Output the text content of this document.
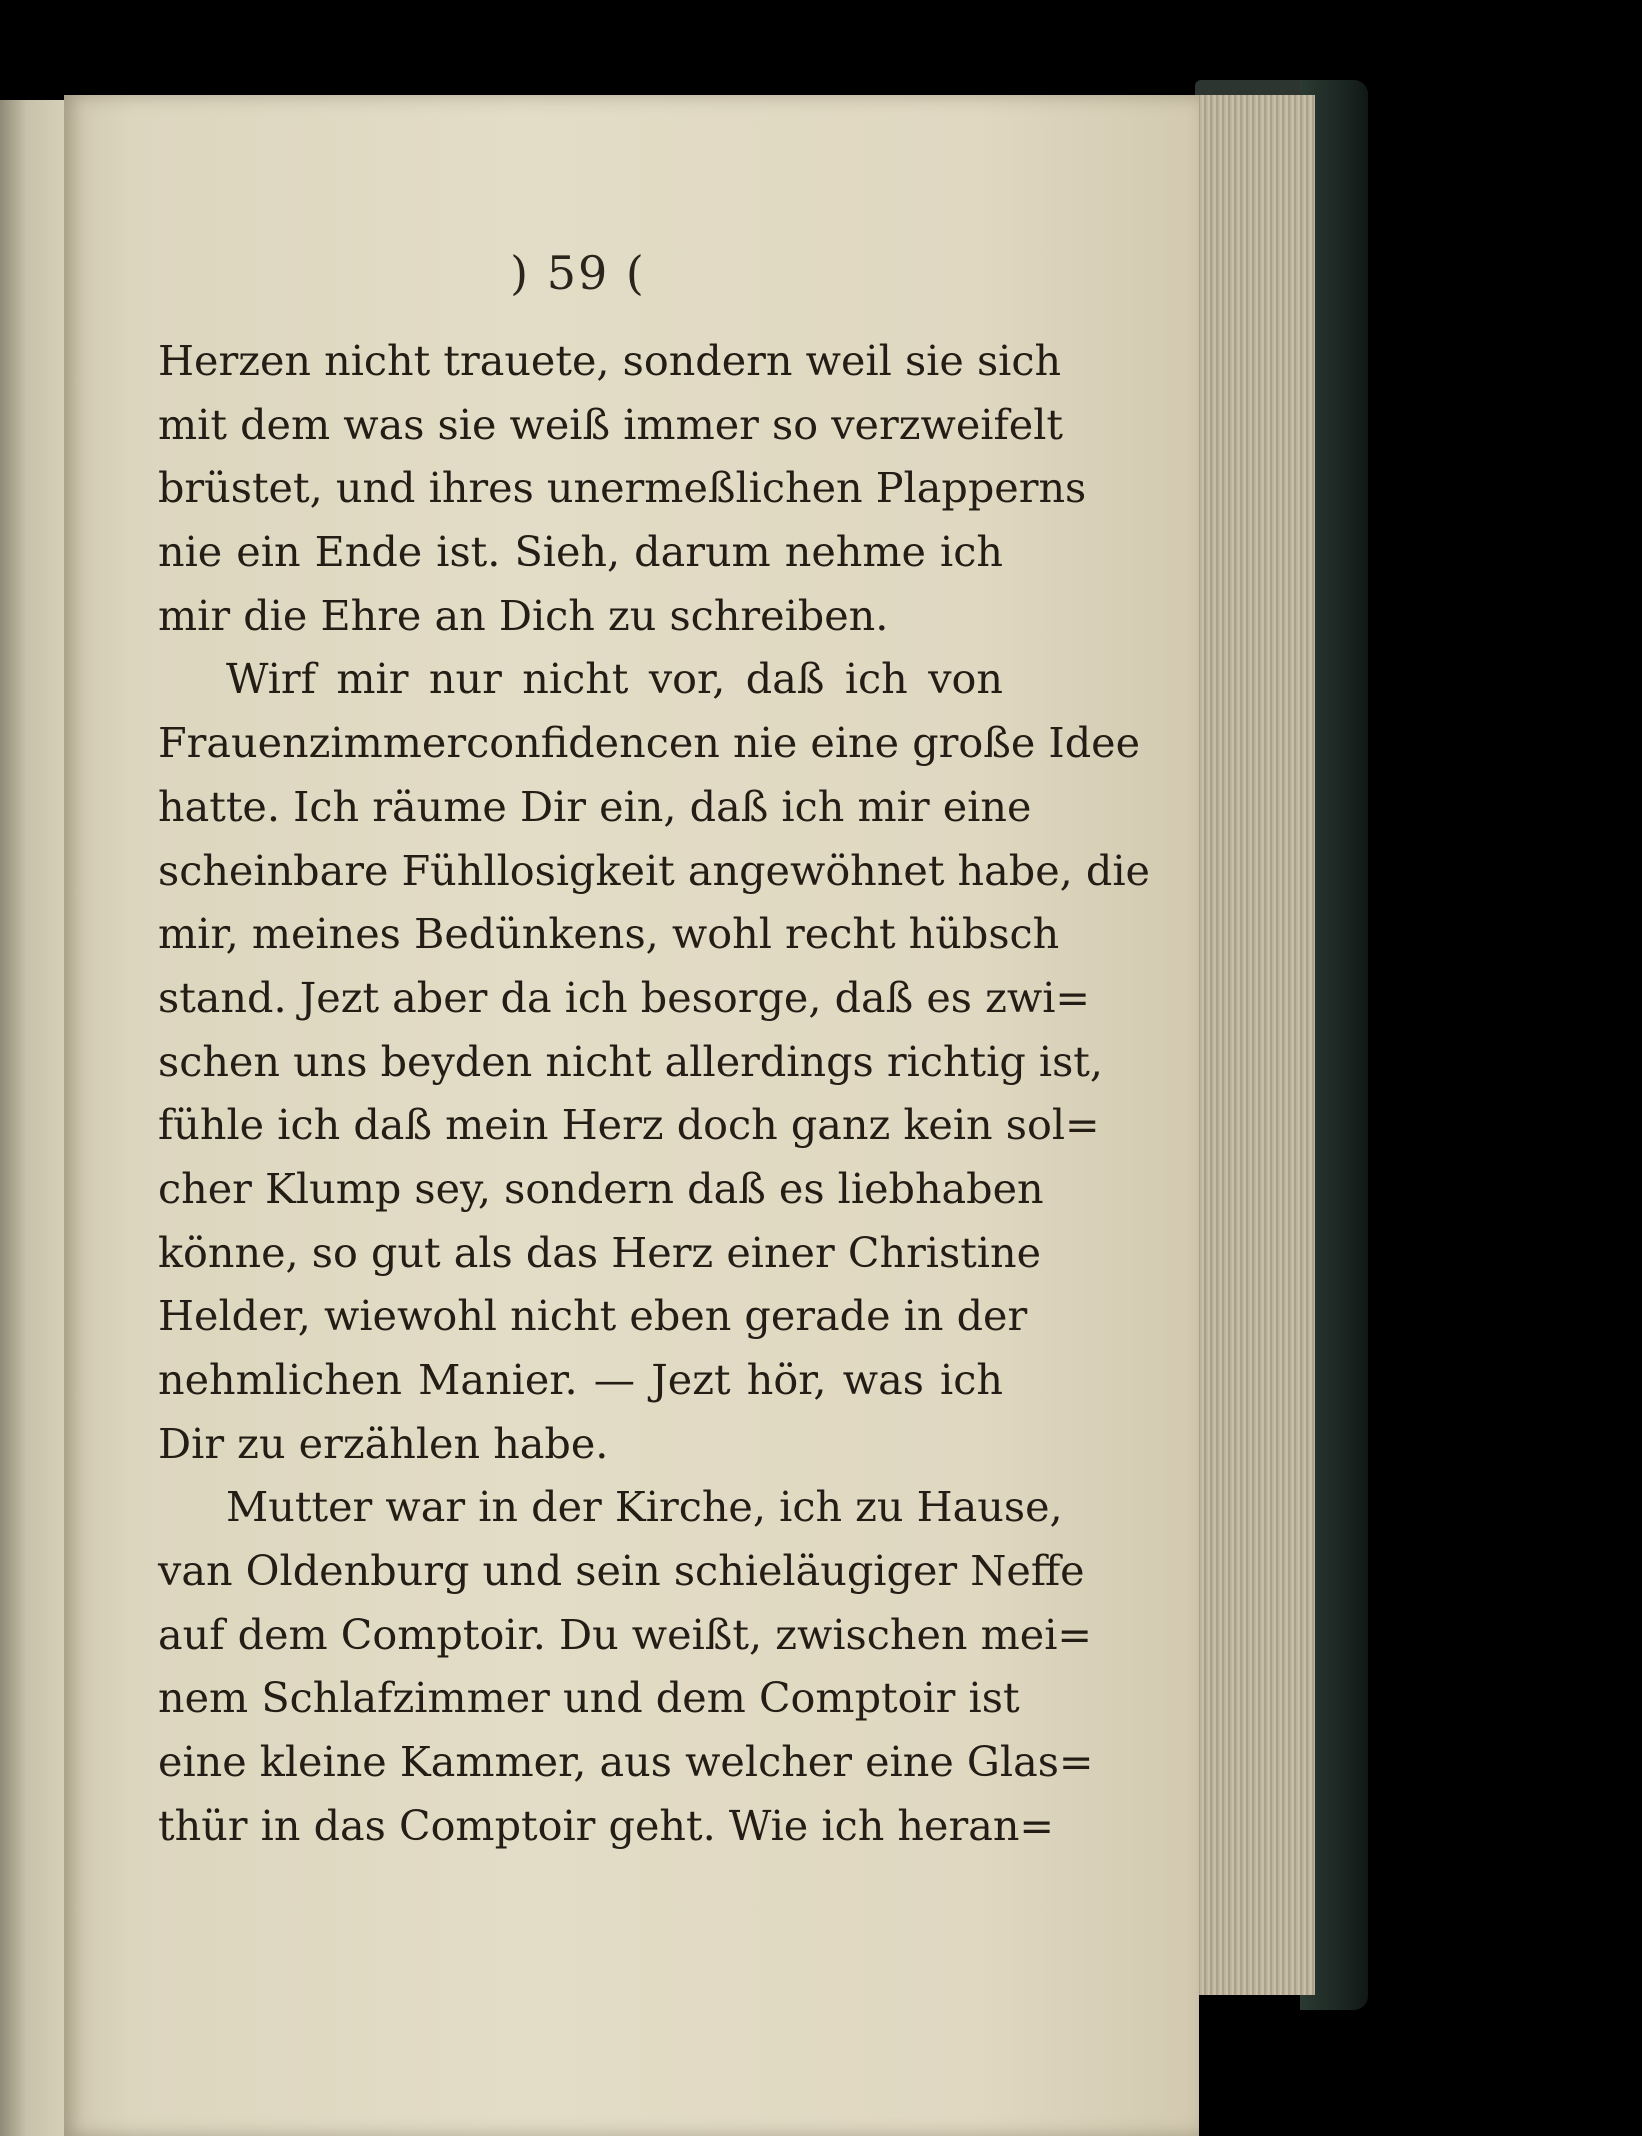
) 59 (

Herzen nicht trauete, sondern weil sie sich
mit dem was sie weiß immer so verzweifelt
brüstet, und ihres unermeßlichen Plapperns
nie ein Ende ist. Sieh, darum nehme ich
mir die Ehre an Dich zu schreiben.

Wirf mir nur nicht vor, daß ich von
Frauenzimmerconfidencen nie eine große Idee
hatte. Ich räume Dir ein, daß ich mir eine
scheinbare Fühllosigkeit angewöhnet habe, die
mir, meines Bedünkens, wohl recht hübsch
stand. Jezt aber da ich besorge, daß es zwi=
schen uns beyden nicht allerdings richtig ist,
fühle ich daß mein Herz doch ganz kein sol=
cher Klump sey, sondern daß es liebhaben
könne, so gut als das Herz einer Christine
Helder, wiewohl nicht eben gerade in der
nehmlichen Manier. — Jezt hör, was ich
Dir zu erzählen habe.

Mutter war in der Kirche, ich zu Hause,
van Oldenburg und sein schieläugiger Neffe
auf dem Comptoir. Du weißt, zwischen mei=
nem Schlafzimmer und dem Comptoir ist
eine kleine Kammer, aus welcher eine Glas=
thür in das Comptoir geht. Wie ich heran=
